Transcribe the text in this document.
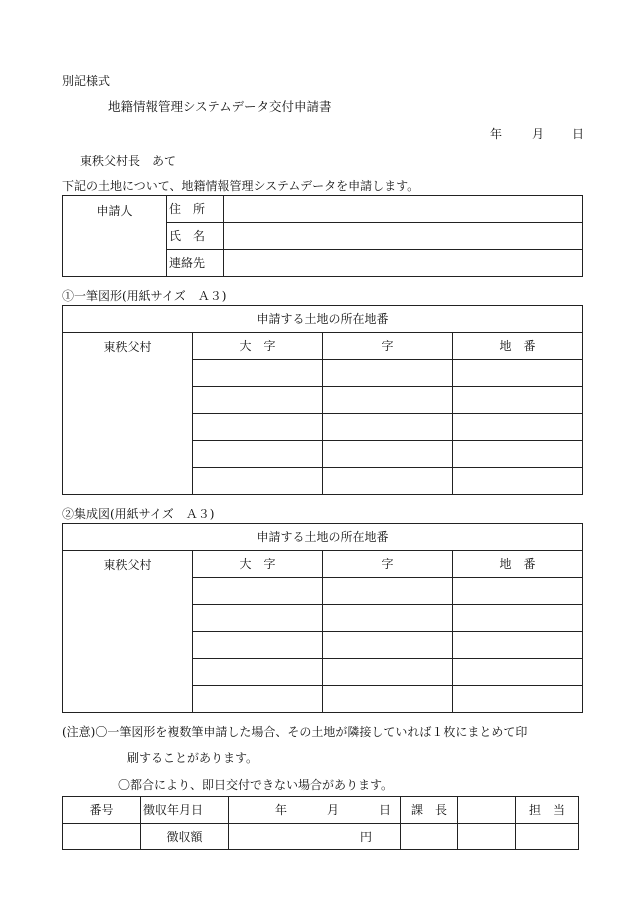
別記様式
地籍情報管理システムデータ交付申請書
年 月 日
東秩父村長　あて
下記の土地について、地籍情報管理システムデータを申請します。
申請人	住　所	
	氏　名	
	連絡先	
①一筆図形(用紙サイズ　Ａ３)
申請する土地の所在地番			
東秩父村	大　字	字	地　番

②集成図(用紙サイズ　Ａ３)
申請する土地の所在地番			
東秩父村	大　字	字	地　番

(注意)〇一筆図形を複数筆申請した場合、その土地が隣接していれば１枚にまとめて印
刷することがあります。
〇都合により、即日交付できない場合があります。
番号	徴収年月日	年 月 日	課　長		担　当
	徴収額	円			
